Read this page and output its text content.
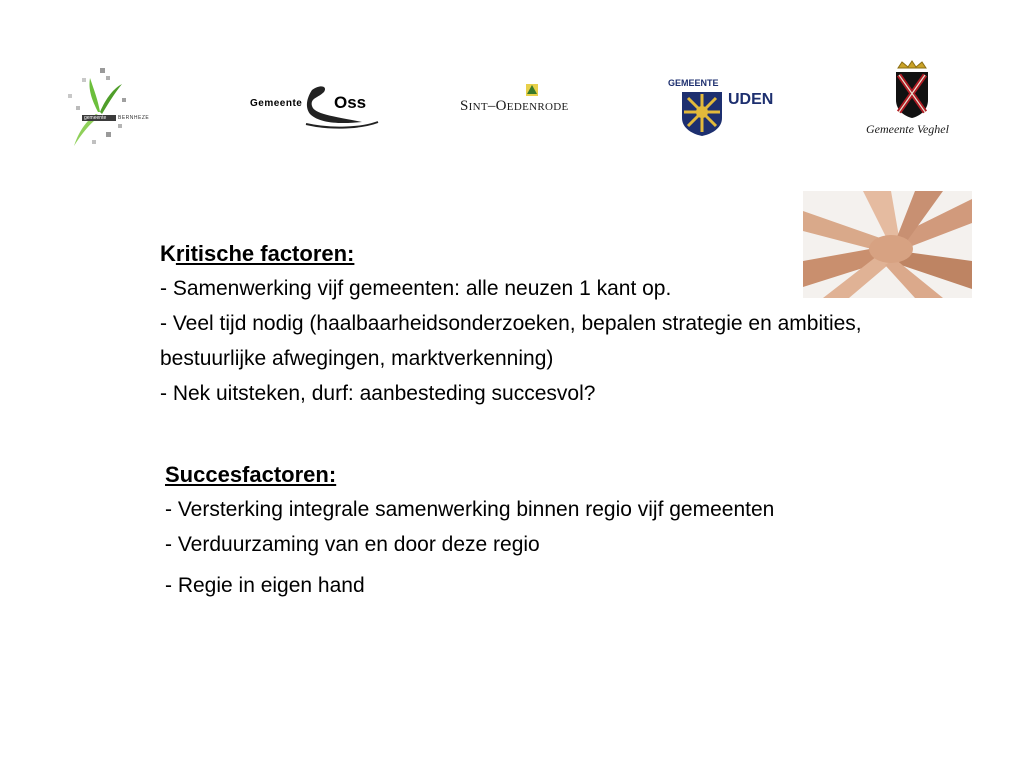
gemeente BERNHEZE
Gemeente Oss	Sint–Oedenrode
GEMEENTE
UDEN
Gemeente Veghel
Kritische factoren:
- Samenwerking vijf gemeenten: alle neuzen 1 kant op.
- Veel tijd nodig (haalbaarheidsonderzoeken, bepalen strategie en ambities, bestuurlijke afwegingen, marktverkenning)
- Nek uitsteken, durf: aanbesteding succesvol?
Succesfactoren:
- Versterking integrale samenwerking binnen regio vijf gemeenten
- Verduurzaming van en door deze regio
- Regie in eigen hand
